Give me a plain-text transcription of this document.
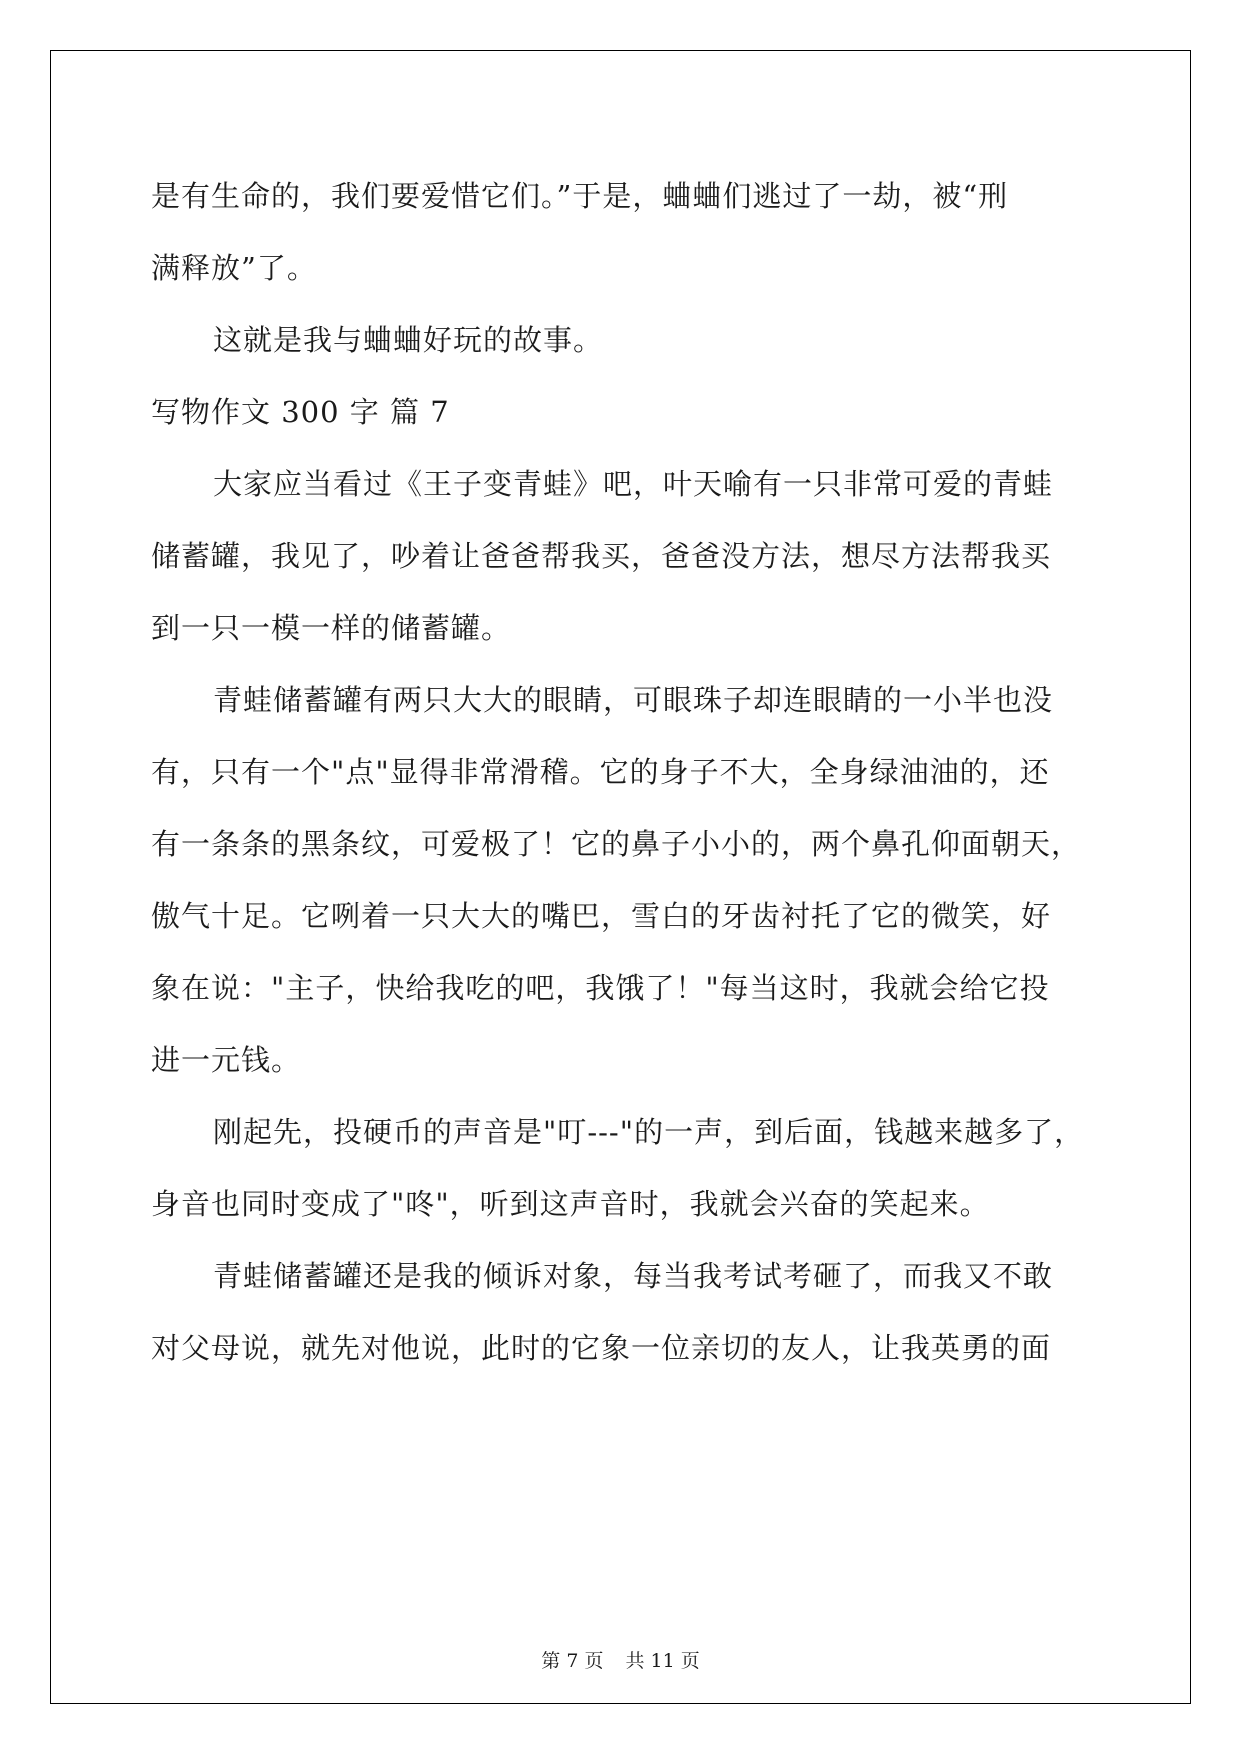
是有生命的，我们要爱惜它们。”于是，蛐蛐们逃过了一劫，被“刑
满释放”了。

这就是我与蛐蛐好玩的故事。

写物作文 300 字 篇 7

大家应当看过《王子变青蛙》吧，叶天喻有一只非常可爱的青蛙
储蓄罐，我见了，吵着让爸爸帮我买，爸爸没方法，想尽方法帮我买
到一只一模一样的储蓄罐。

青蛙储蓄罐有两只大大的眼睛，可眼珠子却连眼睛的一小半也没
有，只有一个"点"显得非常滑稽。它的身子不大，全身绿油油的，还
有一条条的黑条纹，可爱极了！它的鼻子小小的，两个鼻孔仰面朝天，
傲气十足。它咧着一只大大的嘴巴，雪白的牙齿衬托了它的微笑，好
象在说："主子，快给我吃的吧，我饿了！"每当这时，我就会给它投
进一元钱。

刚起先，投硬币的声音是"叮---"的一声，到后面，钱越来越多了，
身音也同时变成了"咚"，听到这声音时，我就会兴奋的笑起来。

青蛙储蓄罐还是我的倾诉对象，每当我考试考砸了，而我又不敢
对父母说，就先对他说，此时的它象一位亲切的友人，让我英勇的面

第 7 页 共 11 页
